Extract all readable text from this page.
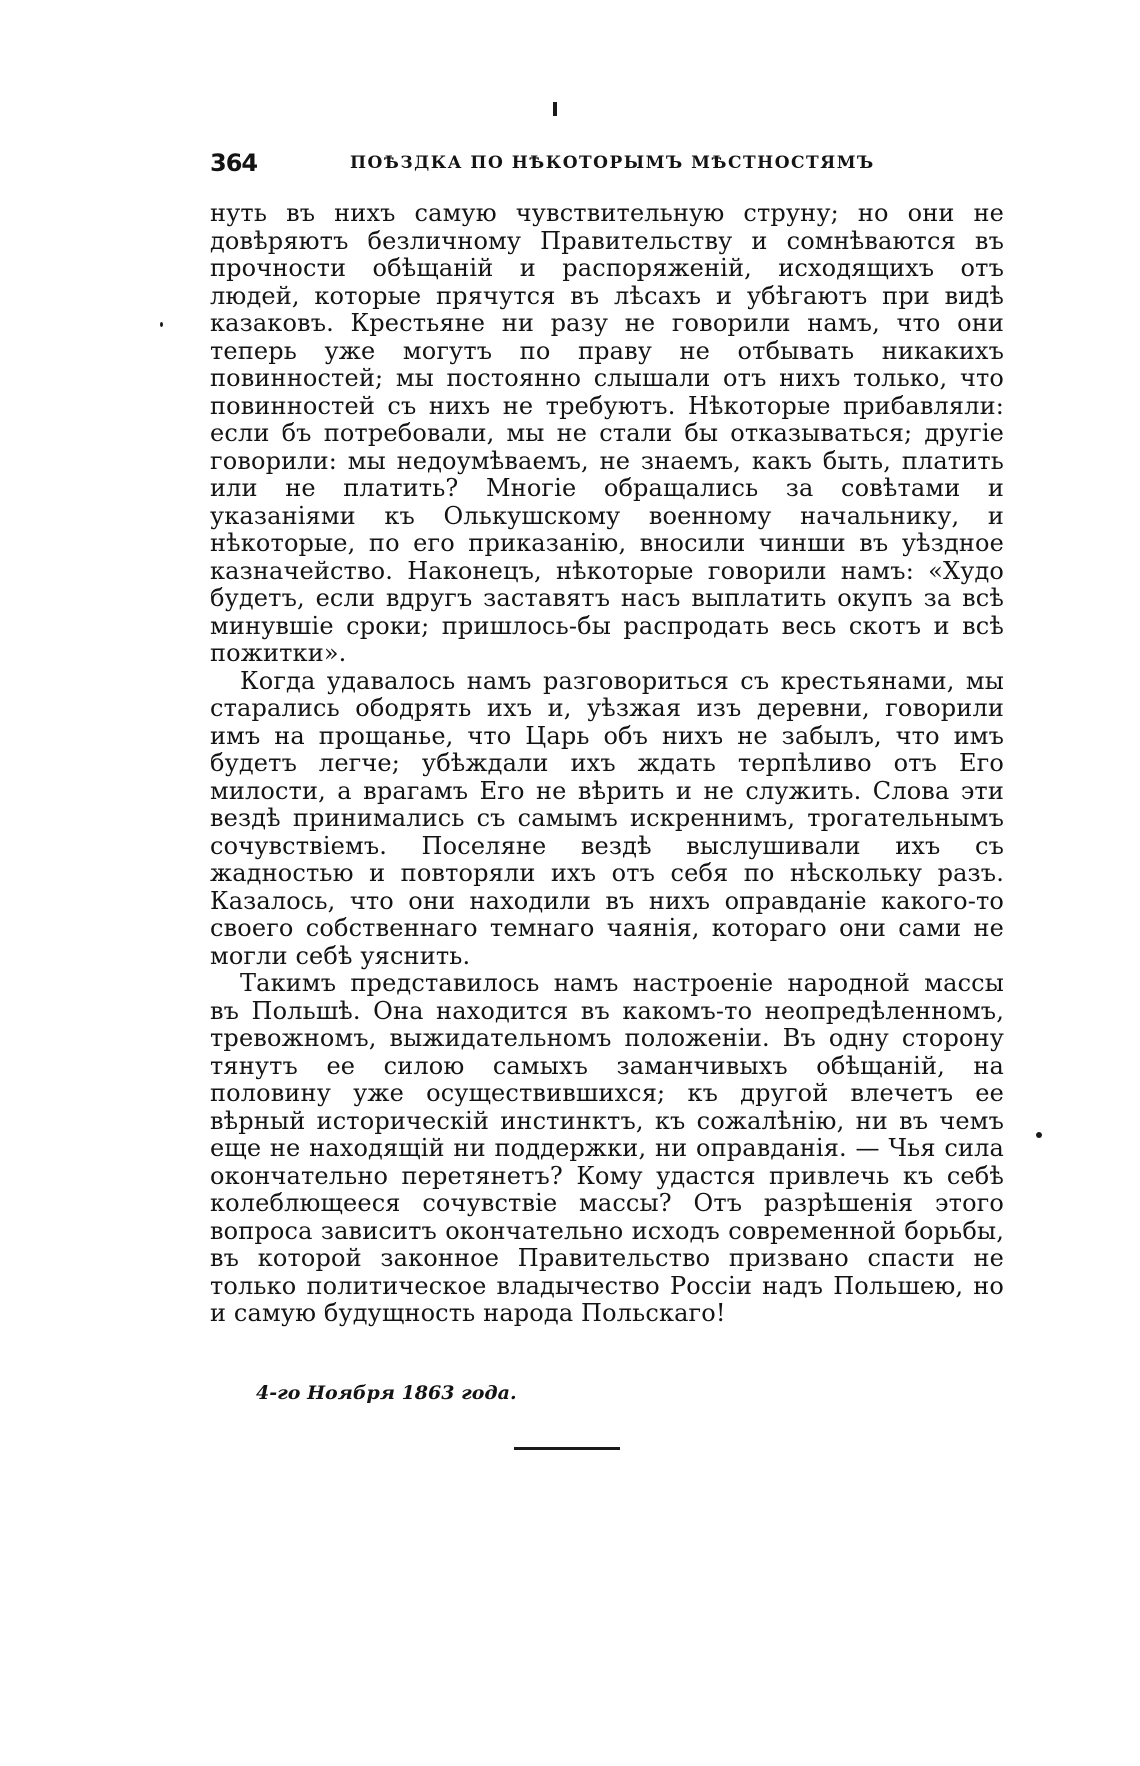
364	ПОѢЗДКА ПО НѢКОТОРЫМЪ МѢСТНОСТЯМЪ

нуть въ нихъ самую чувствительную струну; но они не довѣряютъ безличному Правительству и сомнѣваются въ прочности обѣщаній и распоряженій, исходящихъ отъ людей, которые прячутся въ лѣсахъ и убѣгаютъ при видѣ казаковъ. Крестьяне ни разу не говорили намъ, что они теперь уже могутъ по праву не отбывать никакихъ повинностей; мы постоянно слышали отъ нихъ только, что повинностей съ нихъ не требуютъ. Нѣкоторые прибавляли: если бъ потребовали, мы не стали бы отказываться; другіе говорили: мы недоумѣваемъ, не знаемъ, какъ быть, платить или не платить? Многіе обращались за совѣтами и указаніями къ Олькушскому военному начальнику, и нѣкоторые, по его приказанію, вносили чинши въ уѣздное казначейство. Наконецъ, нѣкоторые говорили намъ: «Худо будетъ, если вдругъ заставятъ насъ выплатить окупъ за всѣ минувшіе сроки; пришлось-бы распродать весь скотъ и всѣ пожитки».

Когда удавалось намъ разговориться съ крестьянами, мы старались ободрять ихъ и, уѣзжая изъ деревни, говорили имъ на прощанье, что Царь объ нихъ не забылъ, что имъ будетъ легче; убѣждали ихъ ждать терпѣливо отъ Его милости, а врагамъ Его не вѣрить и не служить. Слова эти вездѣ принимались съ самымъ искреннимъ, трогательнымъ сочувствіемъ. Поселяне вездѣ выслушивали ихъ съ жадностью и повторяли ихъ отъ себя по нѣскольку разъ. Казалось, что они находили въ нихъ оправданіе какого-то своего собственнаго темнаго чаянія, котораго они сами не могли себѣ уяснить.

Такимъ представилось намъ настроеніе народной массы въ Польшѣ. Она находится въ какомъ-то неопредѣленномъ, тревожномъ, выжидательномъ положеніи. Въ одну сторону тянутъ ее силою самыхъ заманчивыхъ обѣщаній, на половину уже осуществившихся; къ другой влечетъ ее вѣрный историческій инстинктъ, къ сожалѣнію, ни въ чемъ еще не находящій ни поддержки, ни оправданія. — Чья сила окончательно перетянетъ? Кому удастся привлечь къ себѣ колеблющееся сочувствіе массы? Отъ разрѣшенія этого вопроса зависитъ окончательно исходъ современной борьбы, въ которой законное Правительство призвано спасти не только политическое владычество Россіи надъ Польшею, но и самую будущность народа Польскаго!

4-го Ноября 1863 года.
